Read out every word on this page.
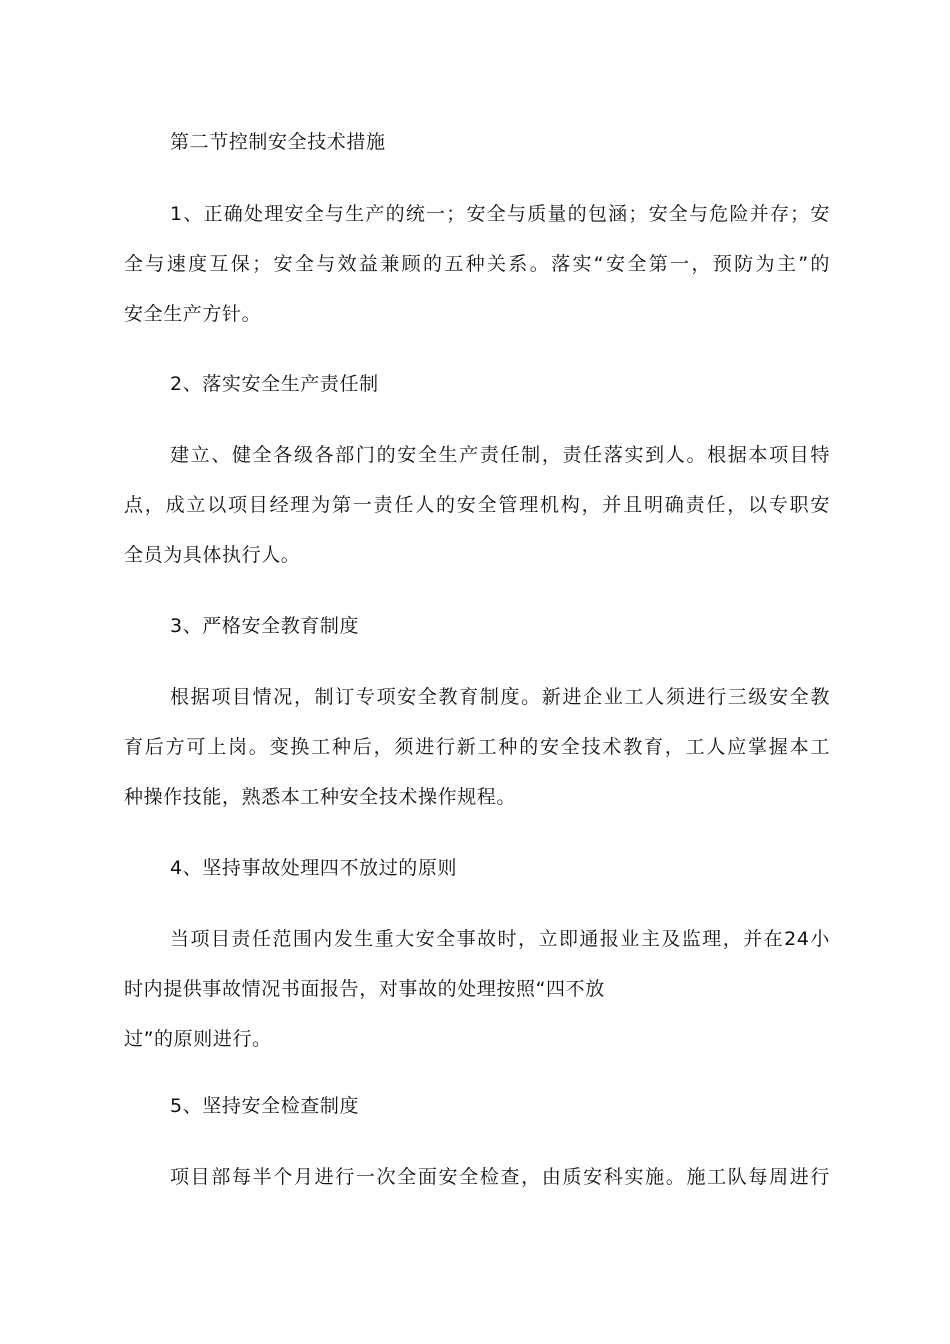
第二节控制安全技术措施
1、正确处理安全与生产的统一；安全与质量的包涵；安全与危险并存；安
全与速度互保；安全与效益兼顾的五种关系。落实“安全第一，预防为主”的
安全生产方针。
2、落实安全生产责任制
建立、健全各级各部门的安全生产责任制，责任落实到人。根据本项目特
点，成立以项目经理为第一责任人的安全管理机构，并且明确责任，以专职安
全员为具体执行人。
3、严格安全教育制度
根据项目情况，制订专项安全教育制度。新进企业工人须进行三级安全教
育后方可上岗。变换工种后，须进行新工种的安全技术教育，工人应掌握本工
种操作技能，熟悉本工种安全技术操作规程。
4、坚持事故处理四不放过的原则
当项目责任范围内发生重大安全事故时，立即通报业主及监理，并在24小
时内提供事故情况书面报告，对事故的处理按照“四不放
过”的原则进行。
5、坚持安全检查制度
项目部每半个月进行一次全面安全检查，由质安科实施。施工队每周进行
